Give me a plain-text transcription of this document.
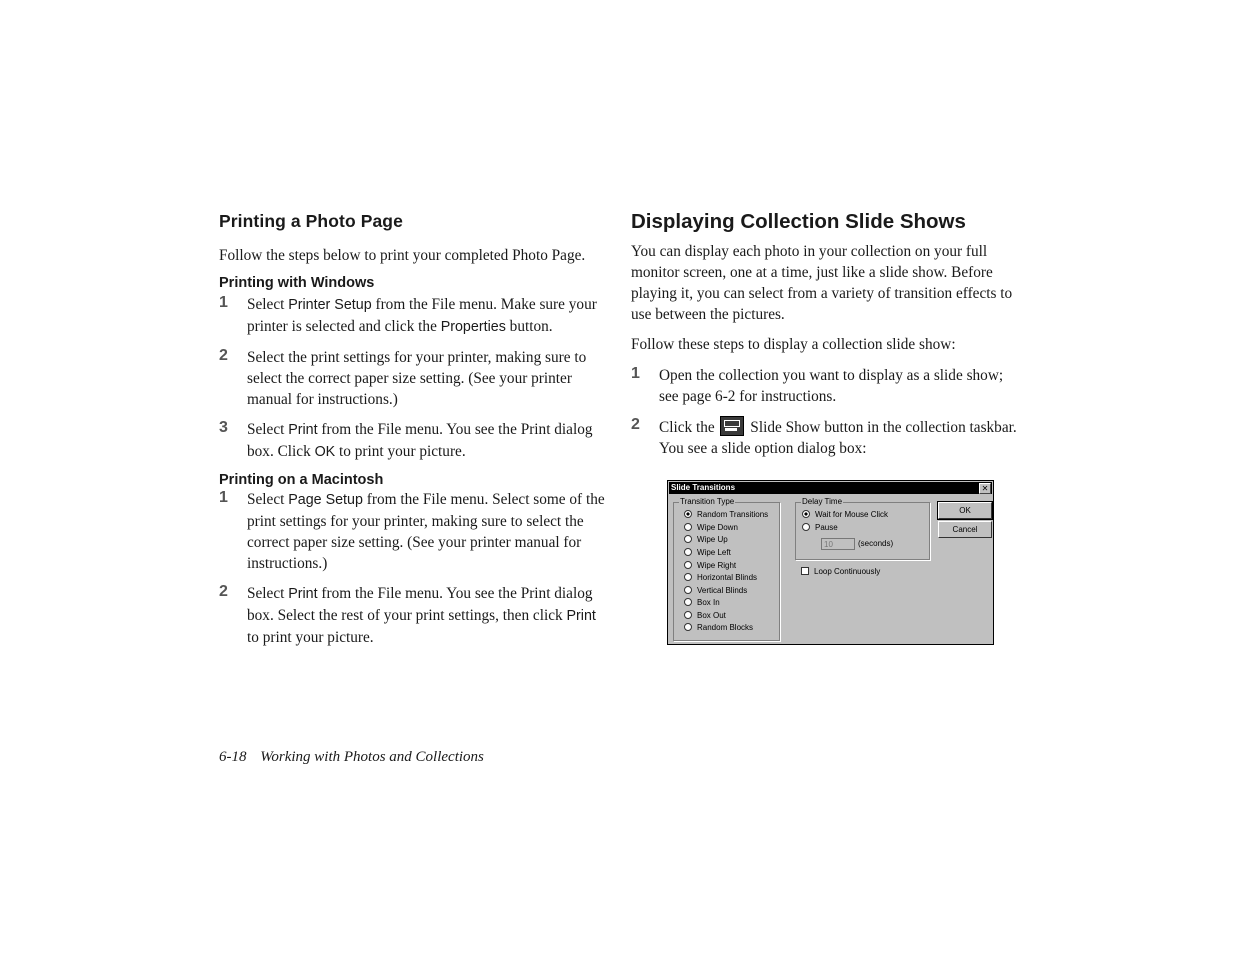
Printing a Photo Page

Follow the steps below to print your completed Photo Page.

Printing with Windows
1 Select Printer Setup from the File menu. Make sure your printer is selected and click the Properties button.
2 Select the print settings for your printer, making sure to select the correct paper size setting. (See your printer manual for instructions.)
3 Select Print from the File menu. You see the Print dialog box. Click OK to print your picture.
Printing on a Macintosh
1 Select Page Setup from the File menu. Select some of the print settings for your printer, making sure to select the correct paper size setting. (See your printer manual for instructions.)
2 Select Print from the File menu. You see the Print dialog box. Select the rest of your print settings, then click Print to print your picture.
Displaying Collection Slide Shows

You can display each photo in your collection on your full monitor screen, one at a time, just like a slide show. Before playing it, you can select from a variety of transition effects to use between the pictures.

Follow these steps to display a collection slide show:

1 Open the collection you want to display as a slide show; see page 6-2 for instructions.
2 Click the  Slide Show button in the collection taskbar. You see a slide option dialog box:
Slide Transitions	✕
Transition Type
Random Transitions
Wipe Down
Wipe Up
Wipe Left
Wipe Right
Horizontal Blinds
Vertical Blinds
Box In
Box Out
Random Blocks
Delay Time
Wait for Mouse Click
Pause
10	(seconds)
Loop Continuously
OK
Cancel
6-18 Working with Photos and Collections
